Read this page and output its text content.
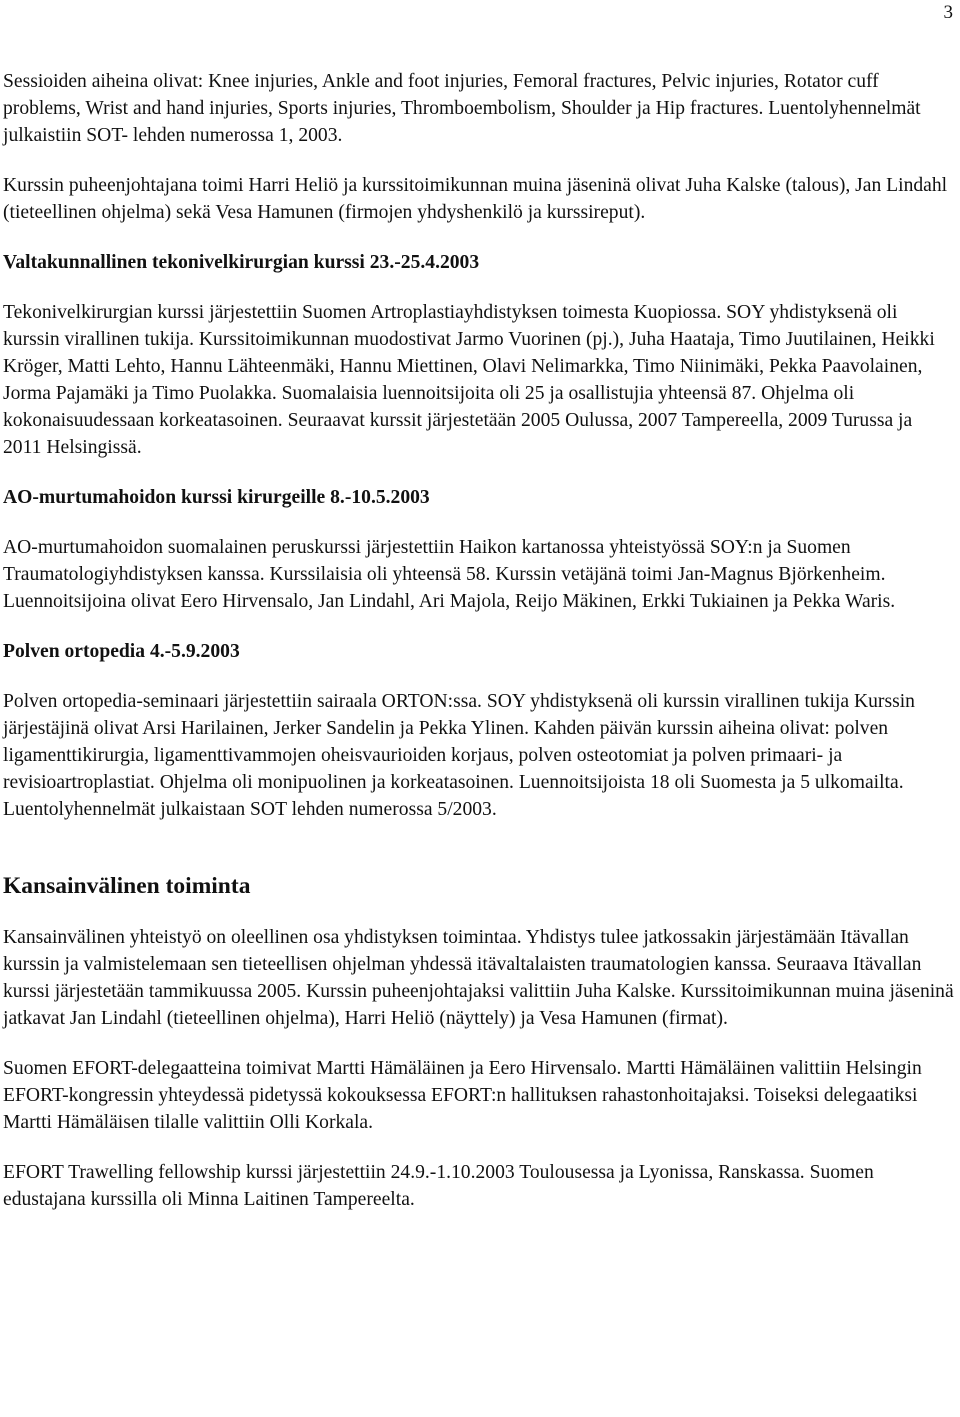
3

Sessioiden aiheina olivat: Knee injuries, Ankle and foot injuries, Femoral fractures, Pelvic injuries, Rotator cuff problems, Wrist and hand injuries, Sports injuries, Thromboembolism, Shoulder ja Hip fractures. Luentolyhennelmät julkaistiin SOT- lehden numerossa 1, 2003.

Kurssin puheenjohtajana toimi Harri Heliö ja kurssitoimikunnan muina jäseninä olivat Juha Kalske (talous), Jan Lindahl (tieteellinen ohjelma) sekä Vesa Hamunen (firmojen yhdyshenkilö ja kurssireput).

Valtakunnallinen tekonivelkirurgian kurssi 23.-25.4.2003

Tekonivelkirurgian kurssi järjestettiin Suomen Artroplastiayhdistyksen toimesta Kuopiossa. SOY yhdistyksenä oli kurssin virallinen tukija. Kurssitoimikunnan muodostivat Jarmo Vuorinen (pj.), Juha Haataja, Timo Juutilainen, Heikki Kröger, Matti Lehto, Hannu Lähteenmäki, Hannu Miettinen, Olavi Nelimarkka, Timo Niinimäki, Pekka Paavolainen, Jorma Pajamäki ja Timo Puolakka. Suomalaisia luennoitsijoita oli 25 ja osallistujia yhteensä 87. Ohjelma oli kokonaisuudessaan korkeatasoinen. Seuraavat kurssit järjestetään 2005 Oulussa, 2007 Tampereella, 2009 Turussa ja 2011 Helsingissä.

AO-murtumahoidon kurssi kirurgeille 8.-10.5.2003

AO-murtumahoidon suomalainen peruskurssi järjestettiin Haikon kartanossa yhteistyössä SOY:n ja Suomen Traumatologiyhdistyksen kanssa. Kurssilaisia oli yhteensä 58. Kurssin vetäjänä toimi Jan-Magnus Björkenheim. Luennoitsijoina olivat Eero Hirvensalo, Jan Lindahl, Ari Majola, Reijo Mäkinen, Erkki Tukiainen ja Pekka Waris.

Polven ortopedia 4.-5.9.2003

Polven ortopedia-seminaari järjestettiin sairaala ORTON:ssa. SOY yhdistyksenä oli kurssin virallinen tukija Kurssin järjestäjinä olivat Arsi Harilainen, Jerker Sandelin ja Pekka Ylinen. Kahden päivän kurssin aiheina olivat: polven ligamenttikirurgia, ligamenttivammojen oheisvaurioiden korjaus, polven osteotomiat ja polven primaari- ja revisioartroplastiat. Ohjelma oli monipuolinen ja korkeatasoinen. Luennoitsijoista 18 oli Suomesta ja 5 ulkomailta. Luentolyhennelmät julkaistaan SOT lehden numerossa 5/2003.

Kansainvälinen toiminta

Kansainvälinen yhteistyö on oleellinen osa yhdistyksen toimintaa. Yhdistys tulee jatkossakin järjestämään Itävallan kurssin ja valmistelemaan sen tieteellisen ohjelman yhdessä itävaltalaisten traumatologien kanssa. Seuraava Itävallan kurssi järjestetään tammikuussa 2005. Kurssin puheenjohtajaksi valittiin Juha Kalske. Kurssitoimikunnan muina jäseninä jatkavat Jan Lindahl (tieteellinen ohjelma), Harri Heliö (näyttely) ja Vesa Hamunen (firmat).

Suomen EFORT-delegaatteina toimivat Martti Hämäläinen ja Eero Hirvensalo. Martti Hämäläinen valittiin Helsingin EFORT-kongressin yhteydessä pidetyssä kokouksessa EFORT:n hallituksen rahastonhoitajaksi. Toiseksi delegaatiksi Martti Hämäläisen tilalle valittiin Olli Korkala.

EFORT Trawelling fellowship kurssi järjestettiin 24.9.-1.10.2003 Toulousessa ja Lyonissa, Ranskassa. Suomen edustajana kurssilla oli Minna Laitinen Tampereelta.
